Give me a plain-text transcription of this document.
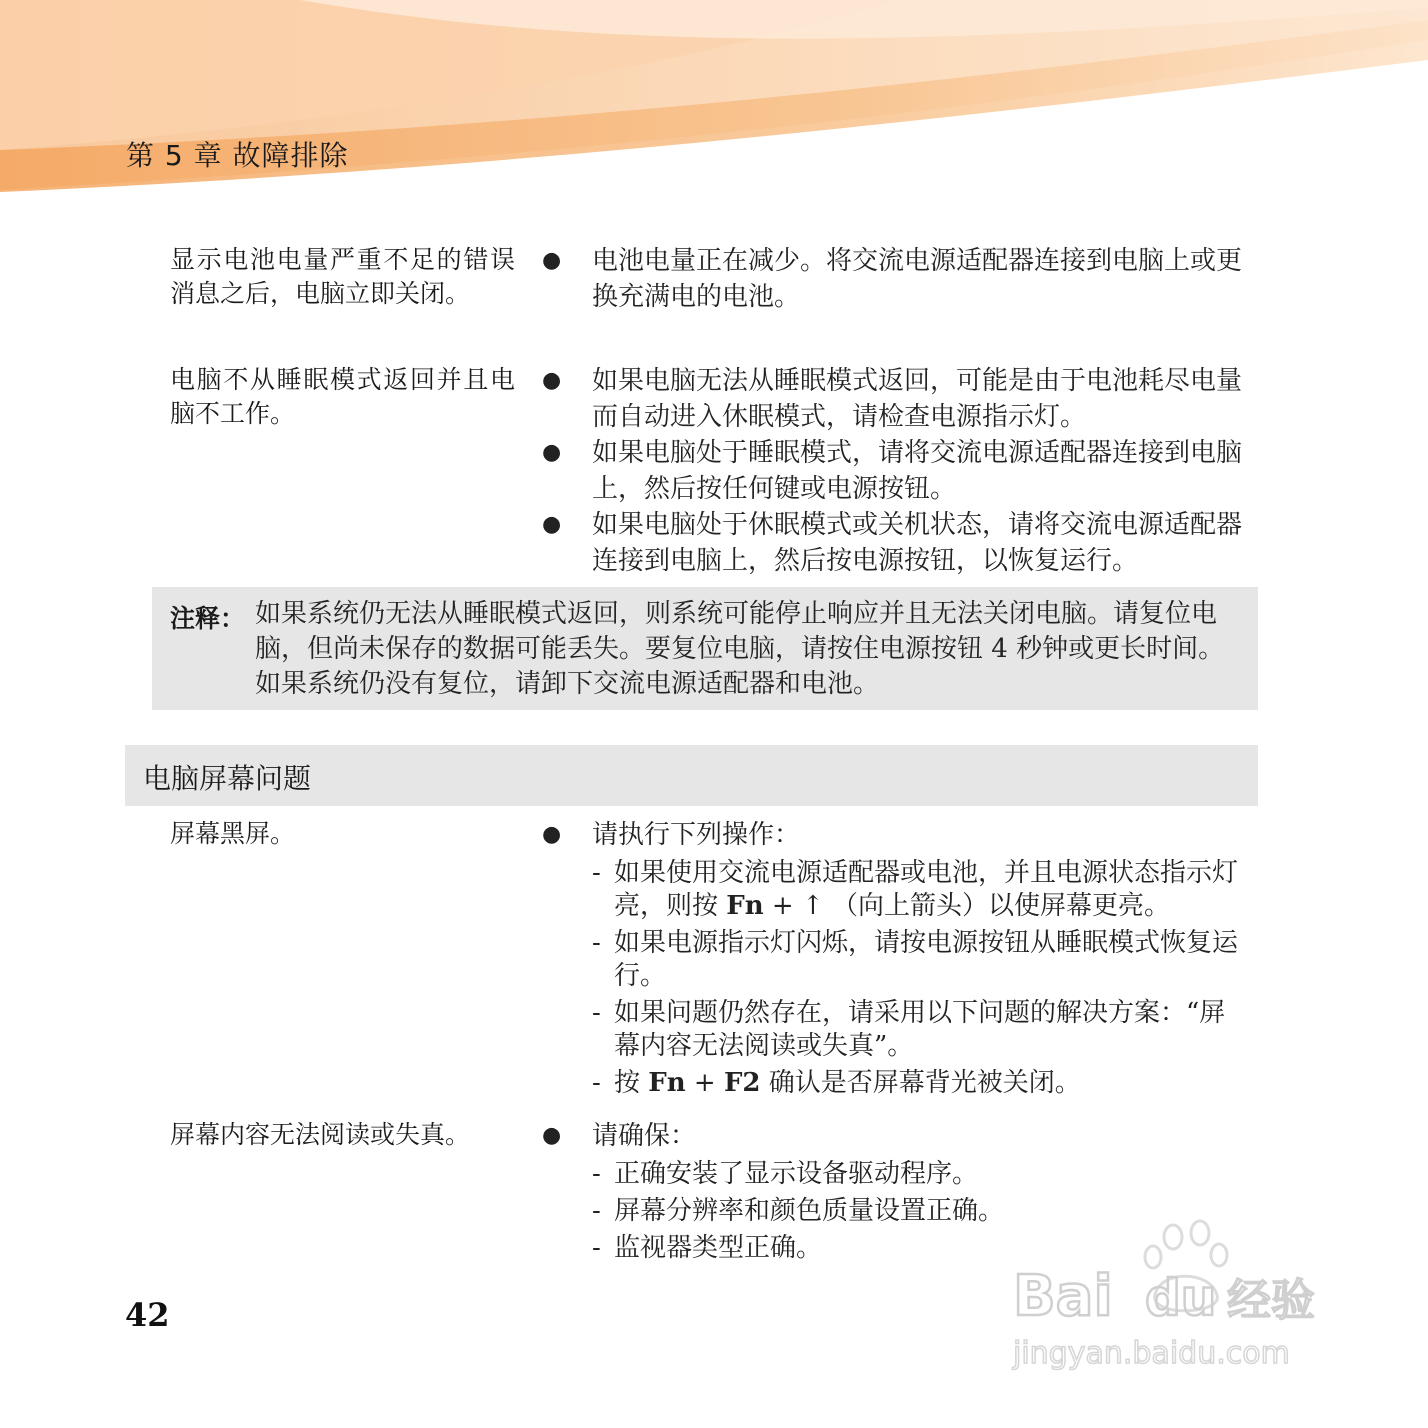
第 5 章 故障排除
显示电池电量严重不足的错误消息之后，电脑立即关闭。
● 电池电量正在减少。将交流电源适配器连接到电脑上或更换充满电的电池。
电脑不从睡眠模式返回并且电脑不工作。
● 如果电脑无法从睡眠模式返回，可能是由于电池耗尽电量而自动进入休眠模式，请检查电源指示灯。
● 如果电脑处于睡眠模式，请将交流电源适配器连接到电脑上，然后按任何键或电源按钮。
● 如果电脑处于休眠模式或关机状态，请将交流电源适配器连接到电脑上，然后按电源按钮，以恢复运行。
注释： 如果系统仍无法从睡眠模式返回，则系统可能停止响应并且无法关闭电脑。请复位电脑，但尚未保存的数据可能丢失。要复位电脑，请按住电源按钮 4 秒钟或更长时间。如果系统仍没有复位，请卸下交流电源适配器和电池。
电脑屏幕问题
屏幕黑屏。	● 请执行下列操作：
- 如果使用交流电源适配器或电池，并且电源状态指示灯亮，则按 Fn + ↑ （向上箭头）以使屏幕更亮。
- 如果电源指示灯闪烁，请按电源按钮从睡眠模式恢复运行。
- 如果问题仍然存在，请采用以下问题的解决方案：“屏幕内容无法阅读或失真”。
- 按 Fn + F2 确认是否屏幕背光被关闭。
屏幕内容无法阅读或失真。	● 请确保：
- 正确安装了显示设备驱动程序。
- 屏幕分辨率和颜色质量设置正确。
- 监视器类型正确。
42	Bai du 经验
jingyan.baidu.com
